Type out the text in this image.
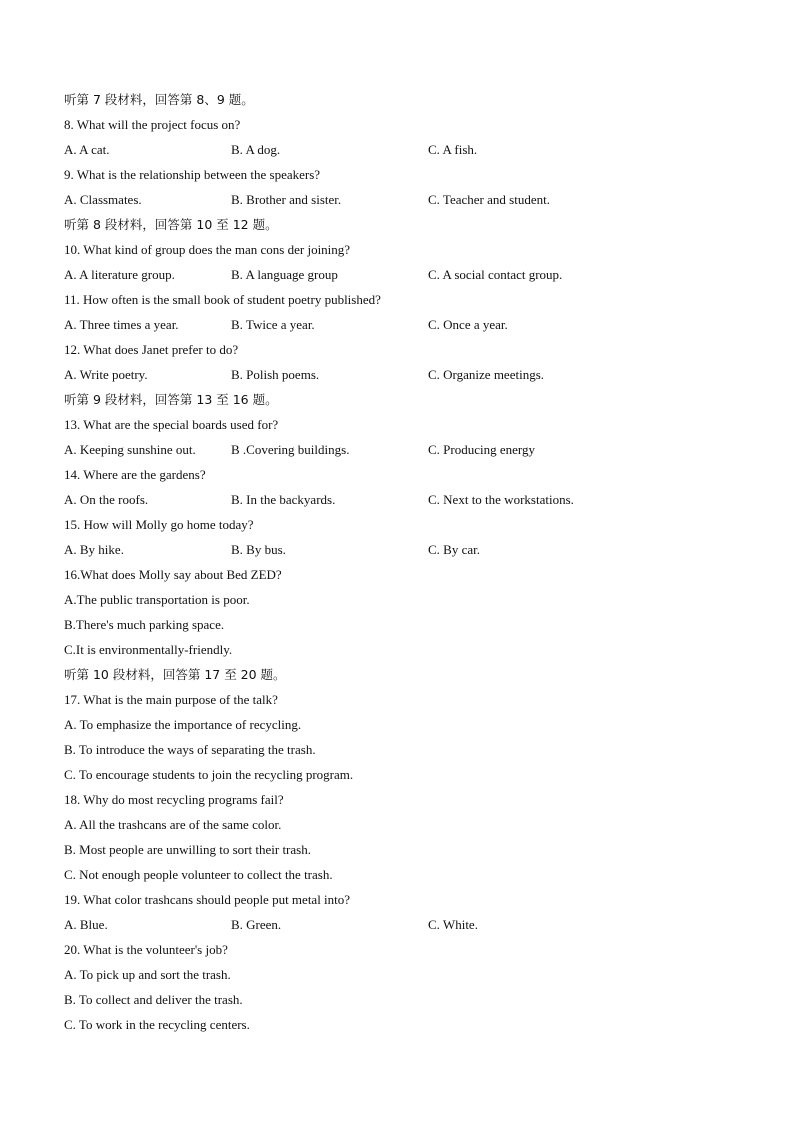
听第 7 段材料，回答第 8、9 题。
8. What will the project focus on?
A. A cat.	B. A dog.	C. A fish.
9. What is the relationship between the speakers?
A. Classmates.	B. Brother and sister.	C. Teacher and student.
听第 8 段材料，回答第 10 至 12 题。
10. What kind of group does the man cons der joining?
A. A literature group.	B. A language group	C. A social contact group.
11. How often is the small book of student poetry published?
A. Three times a year.	B. Twice a year.	C. Once a year.
12. What does Janet prefer to do?
A. Write poetry.	B. Polish poems.	C. Organize meetings.
听第 9 段材料，回答第 13 至 16 题。
13. What are the special boards used for?
A. Keeping sunshine out.	B .Covering buildings.	C. Producing energy
14. Where are the gardens?
A. On the roofs.	B. In the backyards.	C. Next to the workstations.
15. How will Molly go home today?
A. By hike.	B. By bus.	C. By car.
16.What does Molly say about Bed ZED?
A.The public transportation is poor.
B.There's much parking space.
C.It is environmentally-friendly.
听第 10 段材料，回答第 17 至 20 题。
17. What is the main purpose of the talk?
A. To emphasize the importance of recycling.
B. To introduce the ways of separating the trash.
C. To encourage students to join the recycling program.
18. Why do most recycling programs fail?
A. All the trashcans are of the same color.
B. Most people are unwilling to sort their trash.
C. Not enough people volunteer to collect the trash.
19. What color trashcans should people put metal into?
A. Blue.	B. Green.	C. White.
20. What is the volunteer's job?
A. To pick up and sort the trash.
B. To collect and deliver the trash.
C. To work in the recycling centers.
